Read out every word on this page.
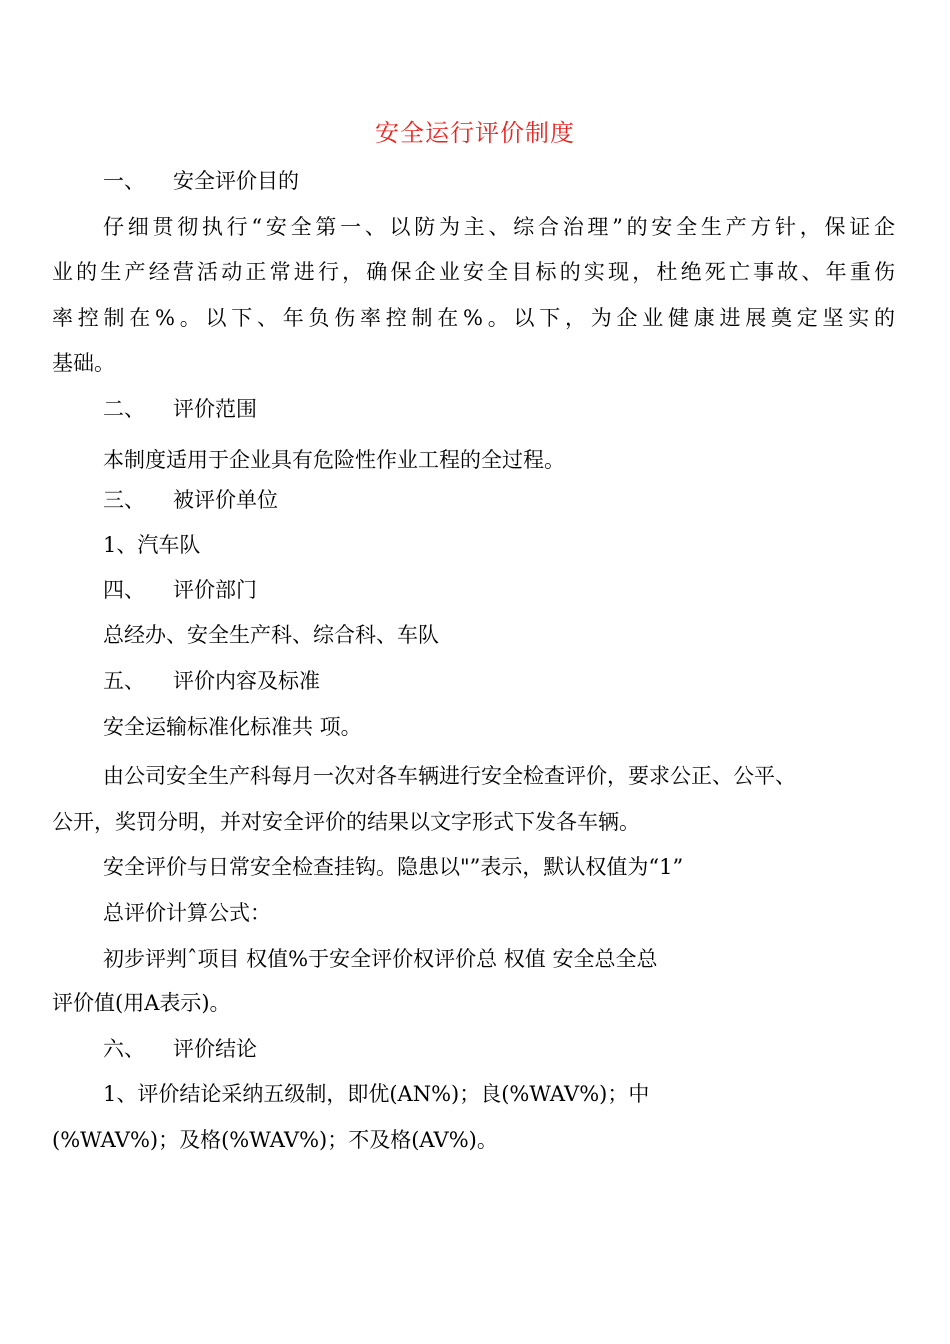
安全运行评价制度
一、 安全评价目的
仔细贯彻执行“安全第一、以防为主、综合治理”的安全生产方针，保证企
业的生产经营活动正常进行，确保企业安全目标的实现，杜绝死亡事故、年重伤
率控制在%。以下、年负伤率控制在%。以下，为企业健康进展奠定坚实的
基础。
二、 评价范围
本制度适用于企业具有危险性作业工程的全过程。
三、 被评价单位
1、汽车队
四、 评价部门
总经办、安全生产科、综合科、车队
五、 评价内容及标准
安全运输标准化标准共 项。
由公司安全生产科每月一次对各车辆进行安全检查评价，要求公正、公平、
公开，奖罚分明，并对安全评价的结果以文字形式下发各车辆。
安全评价与日常安全检查挂钩。隐患以"”表示，默认权值为“1”
总评价计算公式：
初步评判ˆ项目 权值%于安全评价权评价总 权值 安全总全总
评价值(用A表示)。
六、 评价结论
1、评价结论采纳五级制，即优(AN%)；良(%WAV%)；中
(%WAV%)；及格(%WAV%)；不及格(AV%)。
